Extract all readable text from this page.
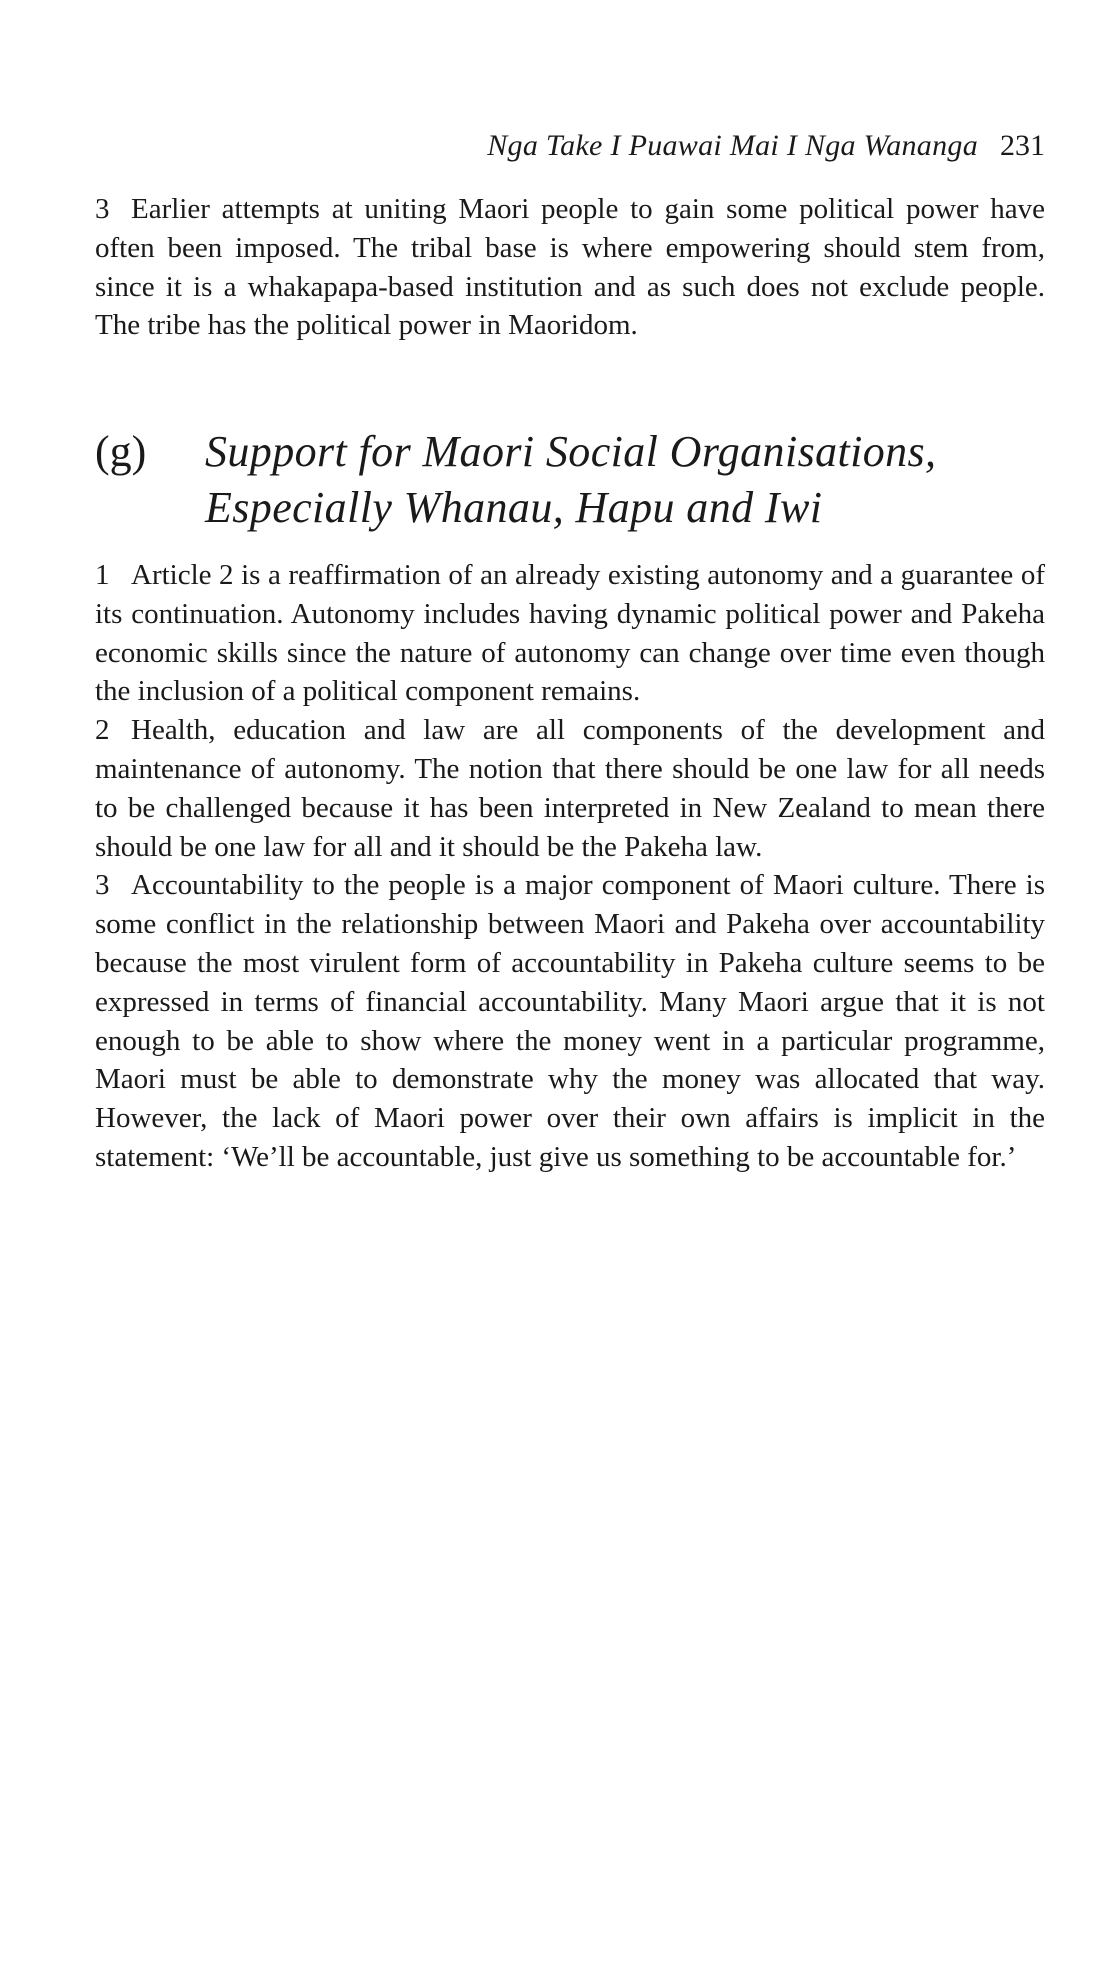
Nga Take I Puawai Mai I Nga Wananga 231

3 Earlier attempts at uniting Maori people to gain some political power have often been imposed. The tribal base is where empowering should stem from, since it is a whakapapa-based institution and as such does not exclude people. The tribe has the political power in Maoridom.

(g) Support for Maori Social Organisations,
Especially Whanau, Hapu and Iwi

1 Article 2 is a reaffirmation of an already existing autonomy and a guarantee of its continuation. Autonomy includes having dynamic political power and Pakeha economic skills since the nature of autonomy can change over time even though the inclusion of a political component remains.

2 Health, education and law are all components of the development and maintenance of autonomy. The notion that there should be one law for all needs to be challenged because it has been interpreted in New Zealand to mean there should be one law for all and it should be the Pakeha law.

3 Accountability to the people is a major component of Maori culture. There is some conflict in the relationship between Maori and Pakeha over accountability because the most virulent form of accountability in Pakeha culture seems to be expressed in terms of financial accountability. Many Maori argue that it is not enough to be able to show where the money went in a particular programme, Maori must be able to demonstrate why the money was allocated that way. However, the lack of Maori power over their own affairs is implicit in the statement: ‘We’ll be accountable, just give us something to be accountable for.’
